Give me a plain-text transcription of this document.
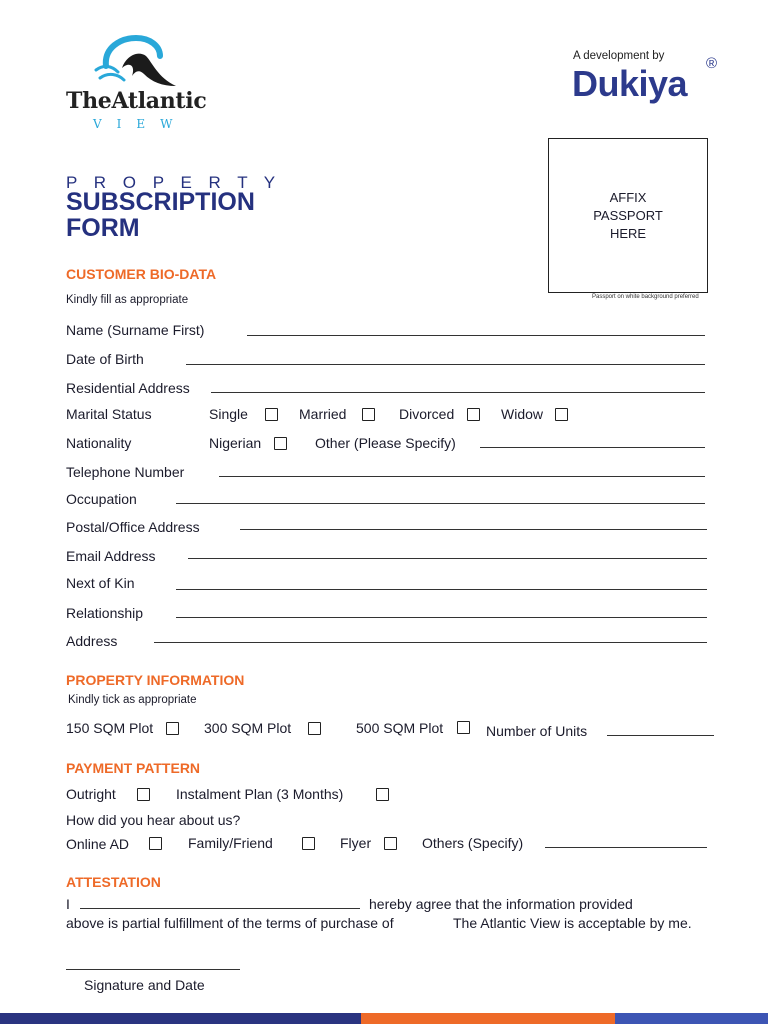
TheAtlantic
VIEW
A development by
Dukiya ®
P R O P E R T Y
SUBSCRIPTION
FORM
AFFIX
PASSPORT
HERE
Passport on white background preferred
CUSTOMER BIO-DATA
Kindly fill as appropriate
Name (Surname First)
Date of Birth
Residential Address
Marital Status	Single	Married	Divorced	Widow
Nationality	Nigerian	Other (Please Specify)
Telephone Number
Occupation
Postal/Office Address
Email Address
Next of Kin
Relationship
Address
PROPERTY INFORMATION
Kindly tick as appropriate
150 SQM Plot	300 SQM Plot	500 SQM Plot	Number of Units
PAYMENT PATTERN
Outright	Instalment Plan (3 Months)
How did you hear about us?
Online AD	Family/Friend	Flyer	Others (Specify)
ATTESTATION
I	hereby agree that the information provided
above is partial fulfillment of the terms of purchase of	The Atlantic View is acceptable by me.
Signature and Date
